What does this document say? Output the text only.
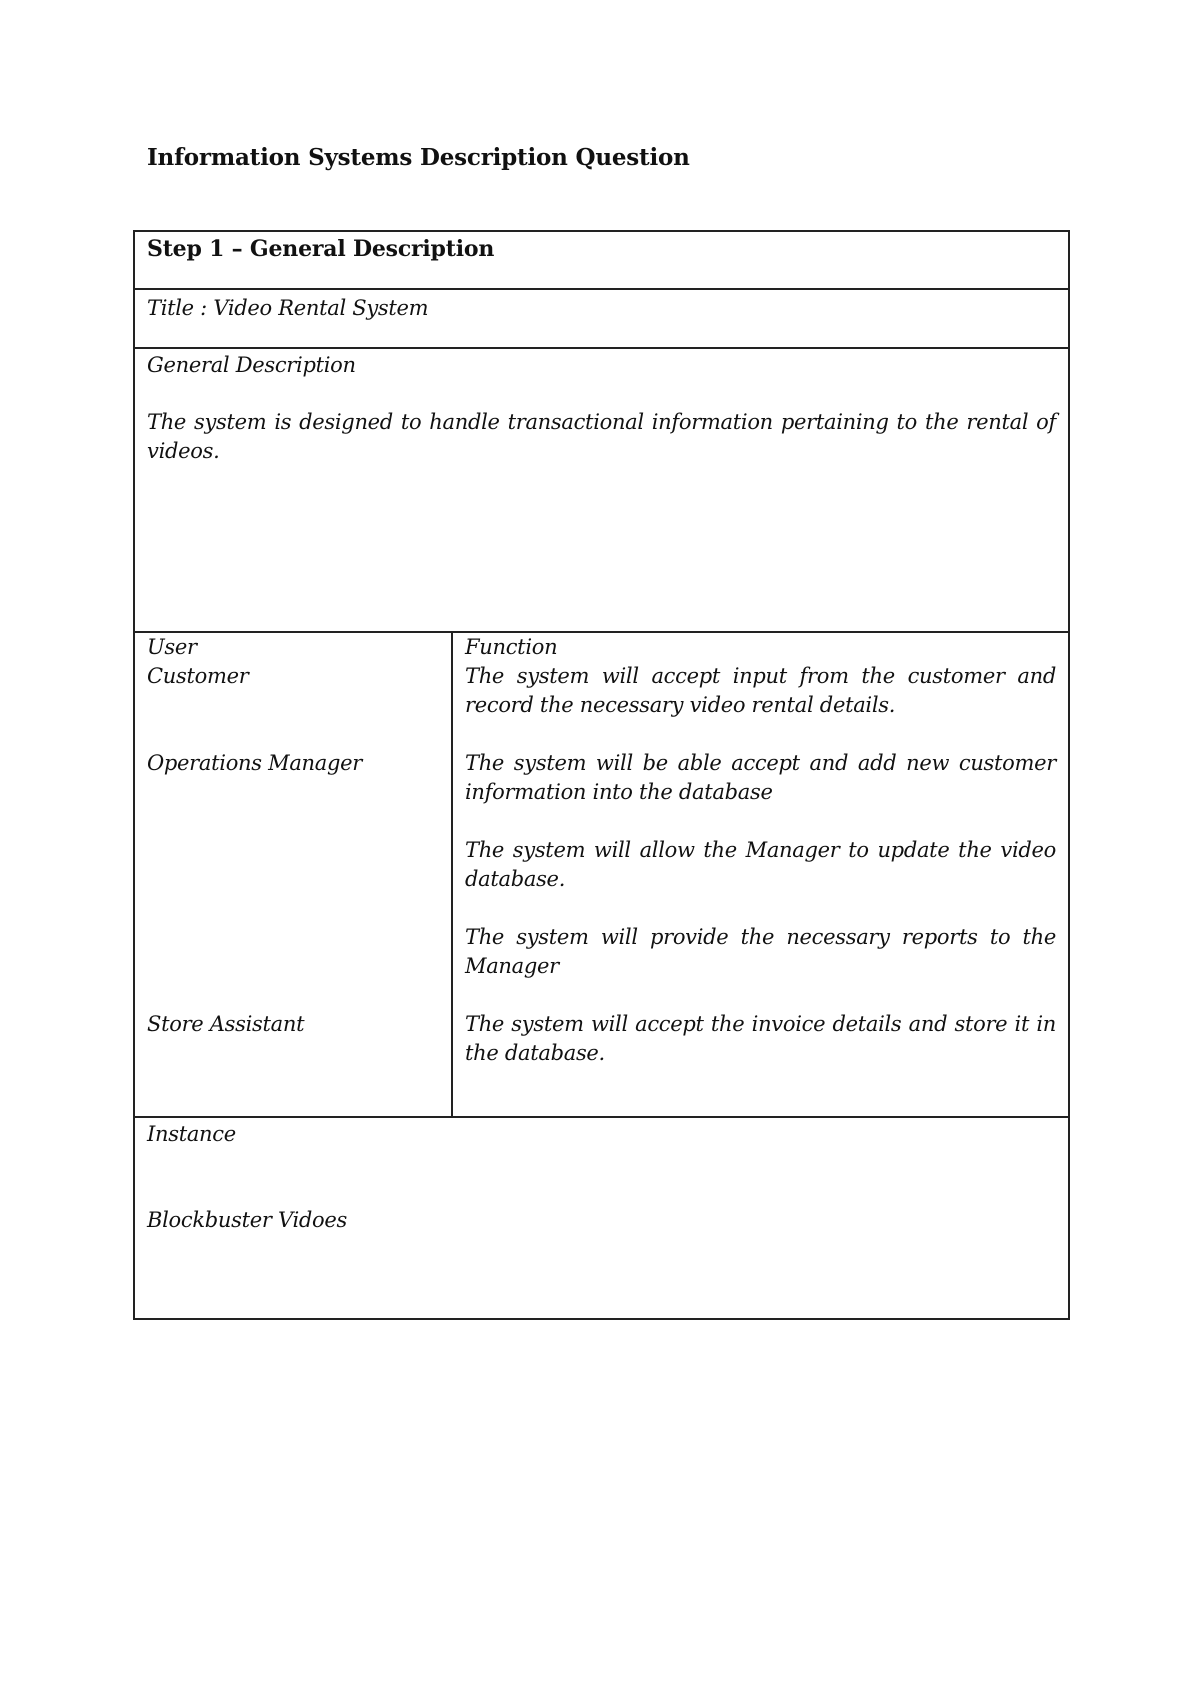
Information Systems Description Question
Step 1 – General Description
Title : Video Rental System
General Description
The system is designed to handle transactional information pertaining to the rental of videos.
User
Customer
Operations Manager
Store Assistant
Function
The system will accept input from the customer and record the necessary video rental details.
The system will be able accept and add new customer information into the database
The system will allow the Manager to update the video database.
The system will provide the necessary reports to the Manager
The system will accept the invoice details and store it in the database.
Instance
Blockbuster Vidoes
